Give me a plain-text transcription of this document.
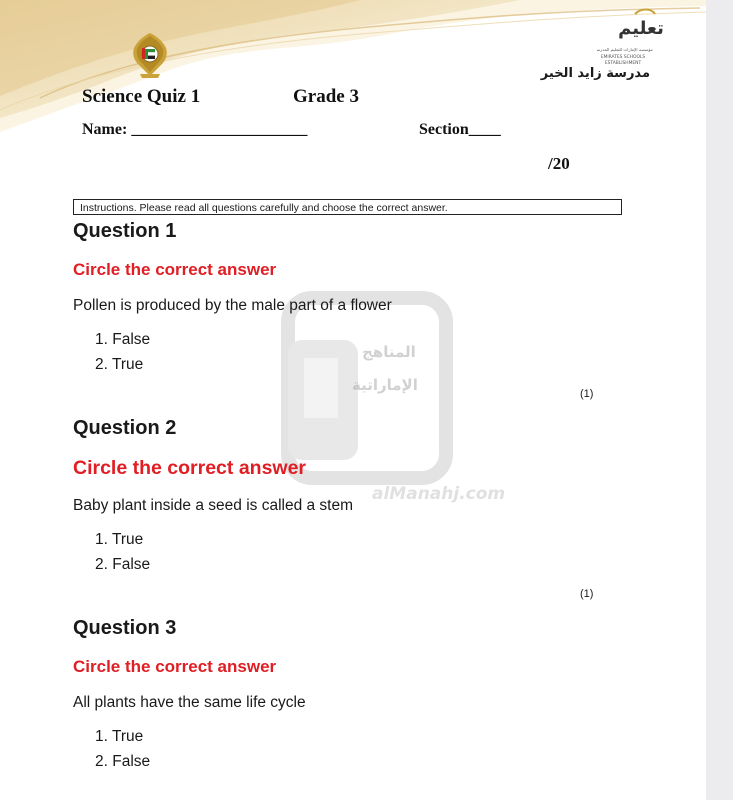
تعليم
مؤسسة الإمارات للتعليم المدرسي
EMIRATES SCHOOLS
ESTABLISHMENT
مدرسة زايد الخير
Science Quiz 1	Grade 3
Name: ______________________	Section____
/20
Instructions. Please read all questions carefully and choose the correct answer.
المناهج
الإماراتية
alManahj.com
Question 1
Circle the correct answer
Pollen is produced by the male part of a flower
1. False
2. True
(1)
Question 2
Circle the correct answer
Baby plant inside a seed is called a stem
1. True
2. False
(1)
Question 3
Circle the correct answer
All plants have the same life cycle
1. True
2. False
